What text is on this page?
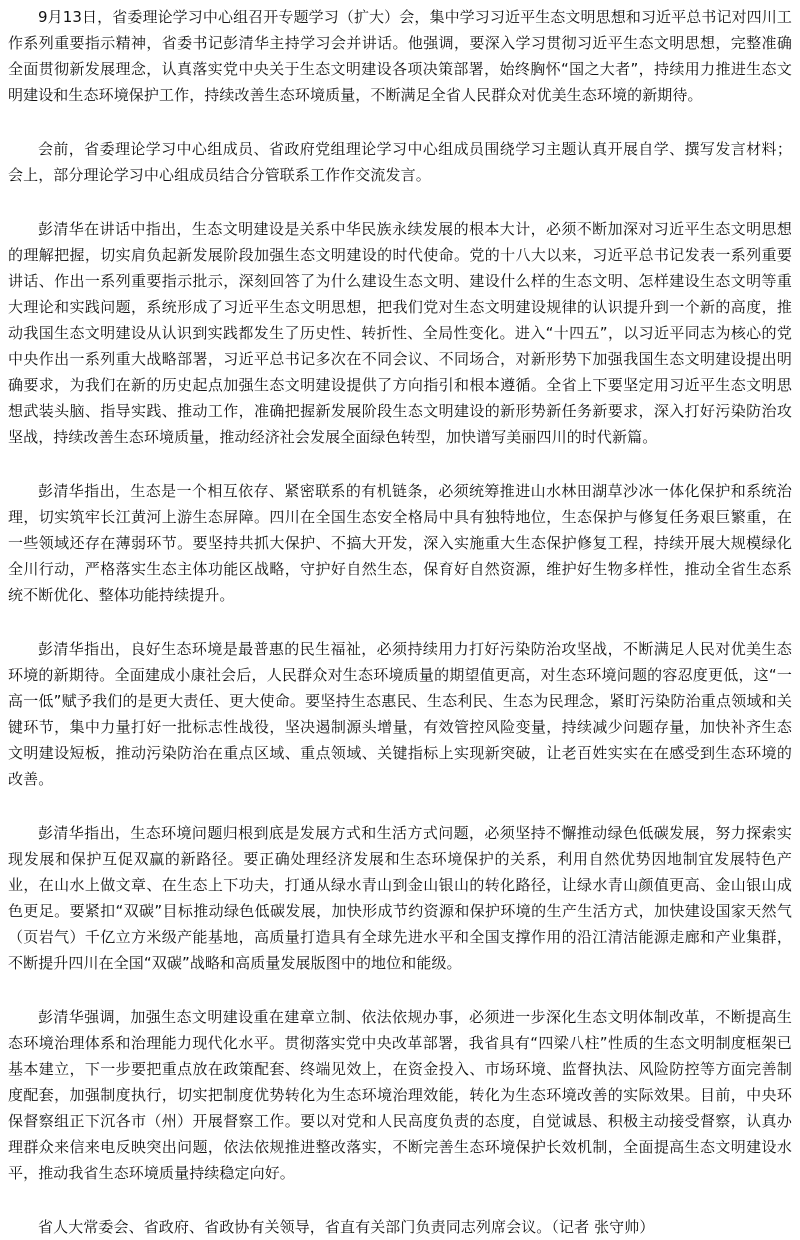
9月13日，省委理论学习中心组召开专题学习（扩大）会，集中学习习近平生态文明思想和习近平总书记对四川工作系列重要指示精神，省委书记彭清华主持学习会并讲话。他强调，要深入学习贯彻习近平生态文明思想，完整准确全面贯彻新发展理念，认真落实党中央关于生态文明建设各项决策部署，始终胸怀“国之大者”，持续用力推进生态文明建设和生态环境保护工作，持续改善生态环境质量，不断满足全省人民群众对优美生态环境的新期待。

会前，省委理论学习中心组成员、省政府党组理论学习中心组成员围绕学习主题认真开展自学、撰写发言材料；会上，部分理论学习中心组成员结合分管联系工作作交流发言。

彭清华在讲话中指出，生态文明建设是关系中华民族永续发展的根本大计，必须不断加深对习近平生态文明思想的理解把握，切实肩负起新发展阶段加强生态文明建设的时代使命。党的十八大以来，习近平总书记发表一系列重要讲话、作出一系列重要指示批示，深刻回答了为什么建设生态文明、建设什么样的生态文明、怎样建设生态文明等重大理论和实践问题，系统形成了习近平生态文明思想，把我们党对生态文明建设规律的认识提升到一个新的高度，推动我国生态文明建设从认识到实践都发生了历史性、转折性、全局性变化。进入“十四五”，以习近平同志为核心的党中央作出一系列重大战略部署，习近平总书记多次在不同会议、不同场合，对新形势下加强我国生态文明建设提出明确要求，为我们在新的历史起点加强生态文明建设提供了方向指引和根本遵循。全省上下要坚定用习近平生态文明思想武装头脑、指导实践、推动工作，准确把握新发展阶段生态文明建设的新形势新任务新要求，深入打好污染防治攻坚战，持续改善生态环境质量，推动经济社会发展全面绿色转型，加快谱写美丽四川的时代新篇。

彭清华指出，生态是一个相互依存、紧密联系的有机链条，必须统筹推进山水林田湖草沙冰一体化保护和系统治理，切实筑牢长江黄河上游生态屏障。四川在全国生态安全格局中具有独特地位，生态保护与修复任务艰巨繁重，在一些领域还存在薄弱环节。要坚持共抓大保护、不搞大开发，深入实施重大生态保护修复工程，持续开展大规模绿化全川行动，严格落实生态主体功能区战略，守护好自然生态，保育好自然资源，维护好生物多样性，推动全省生态系统不断优化、整体功能持续提升。

彭清华指出，良好生态环境是最普惠的民生福祉，必须持续用力打好污染防治攻坚战，不断满足人民对优美生态环境的新期待。全面建成小康社会后，人民群众对生态环境质量的期望值更高，对生态环境问题的容忍度更低，这“一高一低”赋予我们的是更大责任、更大使命。要坚持生态惠民、生态利民、生态为民理念，紧盯污染防治重点领域和关键环节，集中力量打好一批标志性战役，坚决遏制源头增量，有效管控风险变量，持续减少问题存量，加快补齐生态文明建设短板，推动污染防治在重点区域、重点领域、关键指标上实现新突破，让老百姓实实在在感受到生态环境的改善。

彭清华指出，生态环境问题归根到底是发展方式和生活方式问题，必须坚持不懈推动绿色低碳发展，努力探索实现发展和保护互促双赢的新路径。要正确处理经济发展和生态环境保护的关系，利用自然优势因地制宜发展特色产业，在山水上做文章、在生态上下功夫，打通从绿水青山到金山银山的转化路径，让绿水青山颜值更高、金山银山成色更足。要紧扣“双碳”目标推动绿色低碳发展，加快形成节约资源和保护环境的生产生活方式，加快建设国家天然气（页岩气）千亿立方米级产能基地，高质量打造具有全球先进水平和全国支撑作用的沿江清洁能源走廊和产业集群，不断提升四川在全国“双碳”战略和高质量发展版图中的地位和能级。

彭清华强调，加强生态文明建设重在建章立制、依法依规办事，必须进一步深化生态文明体制改革，不断提高生态环境治理体系和治理能力现代化水平。贯彻落实党中央改革部署，我省具有“四梁八柱”性质的生态文明制度框架已基本建立，下一步要把重点放在政策配套、终端见效上，在资金投入、市场环境、监督执法、风险防控等方面完善制度配套，加强制度执行，切实把制度优势转化为生态环境治理效能，转化为生态环境改善的实际效果。目前，中央环保督察组正下沉各市（州）开展督察工作。要以对党和人民高度负责的态度，自觉诚恳、积极主动接受督察，认真办理群众来信来电反映突出问题，依法依规推进整改落实，不断完善生态环境保护长效机制，全面提高生态文明建设水平，推动我省生态环境质量持续稳定向好。

省人大常委会、省政府、省政协有关领导，省直有关部门负责同志列席会议。（记者 张守帅）
